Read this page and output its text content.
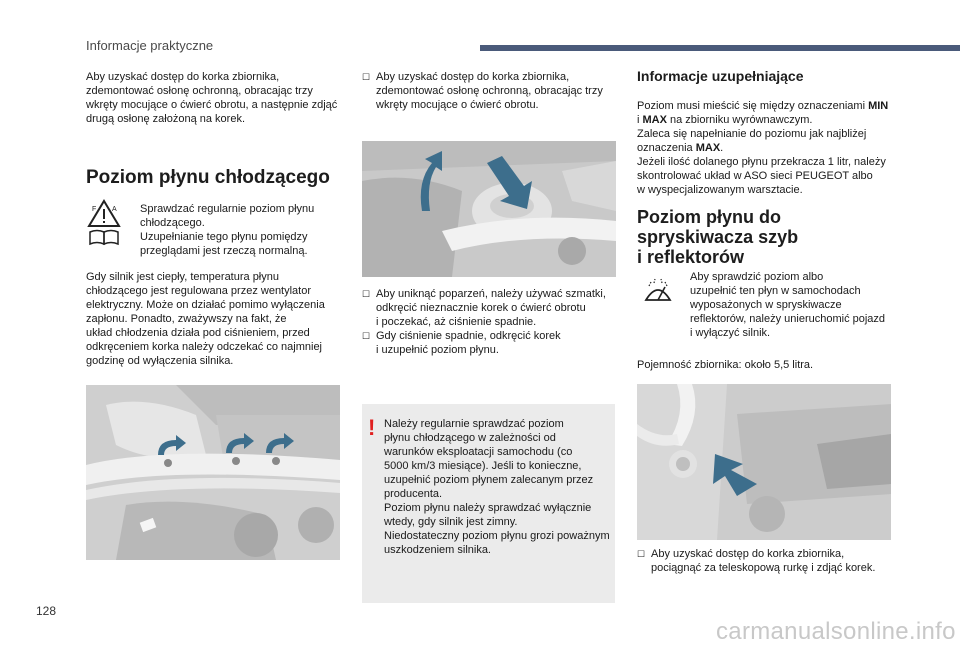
Informacje praktyczne
Aby uzyskać dostęp do korka zbiornika,
zdemontować osłonę ochronną, obracając trzy
wkręty mocujące o ćwierć obrotu, a następnie zdjąć
drugą osłonę założoną na korek.
Poziom płynu chłodzącego
F A Sprawdzać regularnie poziom płynu
chłodzącego.
Uzupełnianie tego płynu pomiędzy
przeglądami jest rzeczą normalną.
Gdy silnik jest ciepły, temperatura płynu
chłodzącego jest regulowana przez wentylator
elektryczny. Może on działać pomimo wyłączenia
zapłonu. Ponadto, zważywszy na fakt, że
układ chłodzenia działa pod ciśnieniem, przed
odkręceniem korka należy odczekać co najmniej
godzinę od wyłączenia silnika.
☐ Aby uzyskać dostęp do korka zbiornika,
zdemontować osłonę ochronną, obracając trzy
wkręty mocujące o ćwierć obrotu.
☐ Aby uniknąć poparzeń, należy używać szmatki,
odkręcić nieznacznie korek o ćwierć obrotu
i poczekać, aż ciśnienie spadnie.
☐ Gdy ciśnienie spadnie, odkręcić korek
i uzupełnić poziom płynu.
! Należy regularnie sprawdzać poziom
płynu chłodzącego w zależności od
warunków eksploatacji samochodu (co
5000 km/3 miesiące). Jeśli to konieczne,
uzupełnić poziom płynem zalecanym przez
producenta.
Poziom płynu należy sprawdzać wyłącznie
wtedy, gdy silnik jest zimny.
Niedostateczny poziom płynu grozi poważnym
uszkodzeniem silnika.
Informacje uzupełniające
Poziom musi mieścić się między oznaczeniami MIN
i MAX na zbiorniku wyrównawczym.
Zaleca się napełnianie do poziomu jak najbliżej
oznaczenia MAX.
Jeżeli ilość dolanego płynu przekracza 1 litr, należy
skontrolować układ w ASO sieci PEUGEOT albo
w wyspecjalizowanym warsztacie.
Poziom płynu do
spryskiwacza szyb
i reflektorów
Aby sprawdzić poziom albo
uzupełnić ten płyn w samochodach
wyposażonych w spryskiwacze
reflektorów, należy unieruchomić pojazd
i wyłączyć silnik.
Pojemność zbiornika: około 5,5 litra.
☐ Aby uzyskać dostęp do korka zbiornika,
pociągnąć za teleskopową rurkę i zdjąć korek.
128
carmanualsonline.info
